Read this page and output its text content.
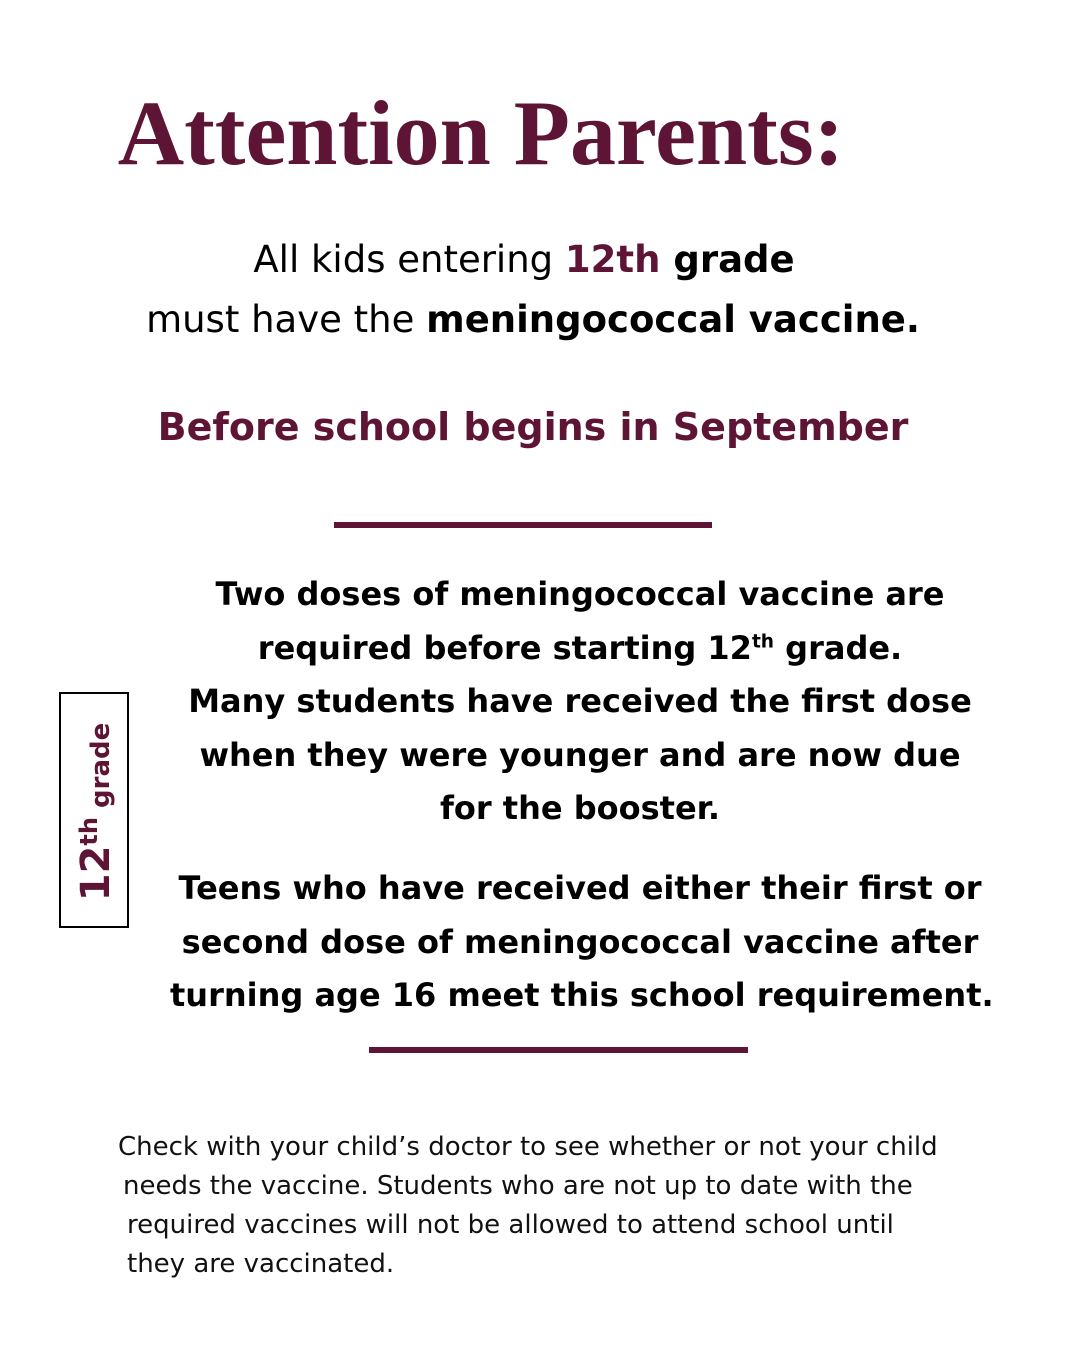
Attention Parents:
All kids entering 12th grade
must have the meningococcal vaccine.
Before school begins in September
Two doses of meningococcal vaccine are
required before starting 12th grade.
Many students have received the first dose
when they were younger and are now due
for the booster.
Teens who have received either their first or
second dose of meningococcal vaccine after
turning age 16 meet this school requirement.
12th grade
Check with your child’s doctor to see whether or not your child
needs the vaccine. Students who are not up to date with the
required vaccines will not be allowed to attend school until
they are vaccinated.
